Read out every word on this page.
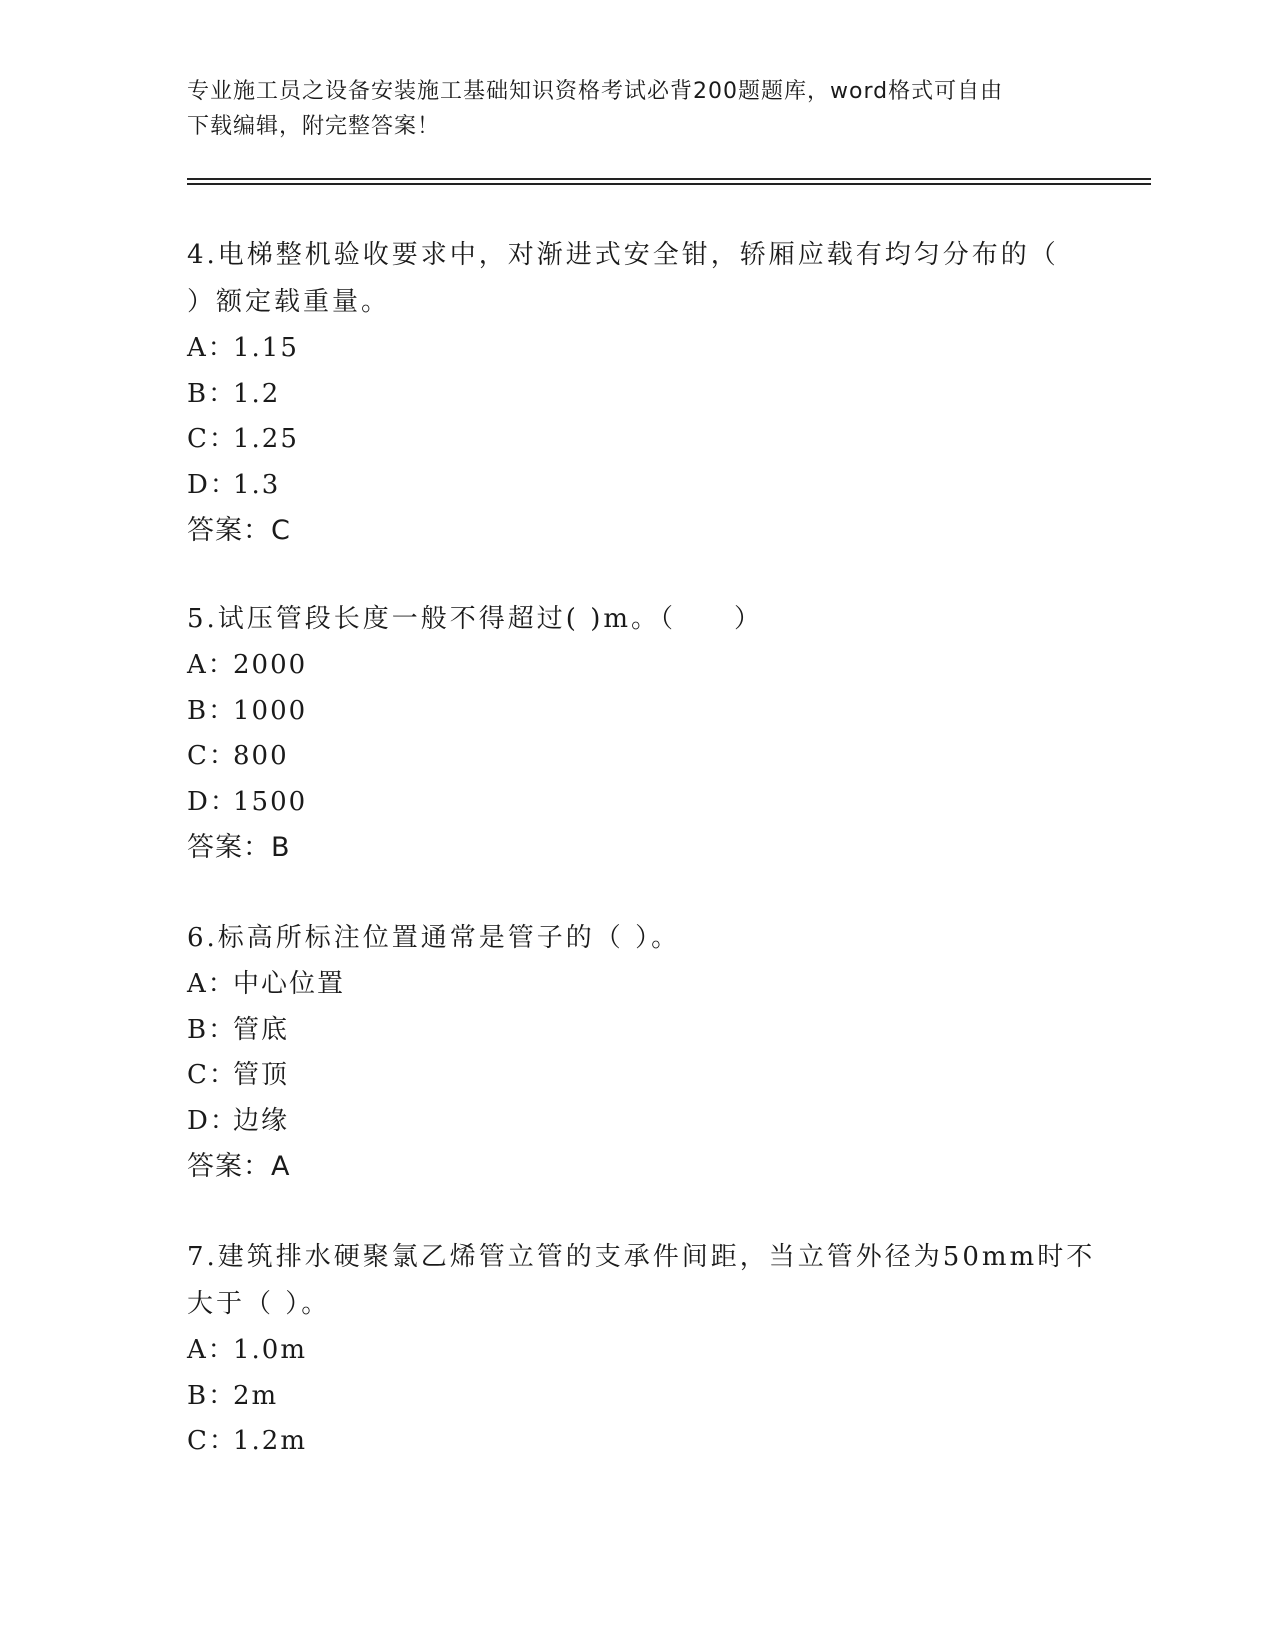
专业施工员之设备安装施工基础知识资格考试必背200题题库，word格式可自由
下载编辑，附完整答案！
4.电梯整机验收要求中，对渐进式安全钳，轿厢应载有均匀分布的（
）额定载重量。
A：1.15
B：1.2
C：1.25
D：1.3
答案：C
5.试压管段长度一般不得超过( )m。（　　）
A：2000
B：1000
C：800
D：1500
答案：B
6.标高所标注位置通常是管子的（ ）。
A：中心位置
B：管底
C：管顶
D：边缘
答案：A
7.建筑排水硬聚氯乙烯管立管的支承件间距，当立管外径为50mm时不
大于（ ）。
A：1.0m
B：2m
C：1.2m
